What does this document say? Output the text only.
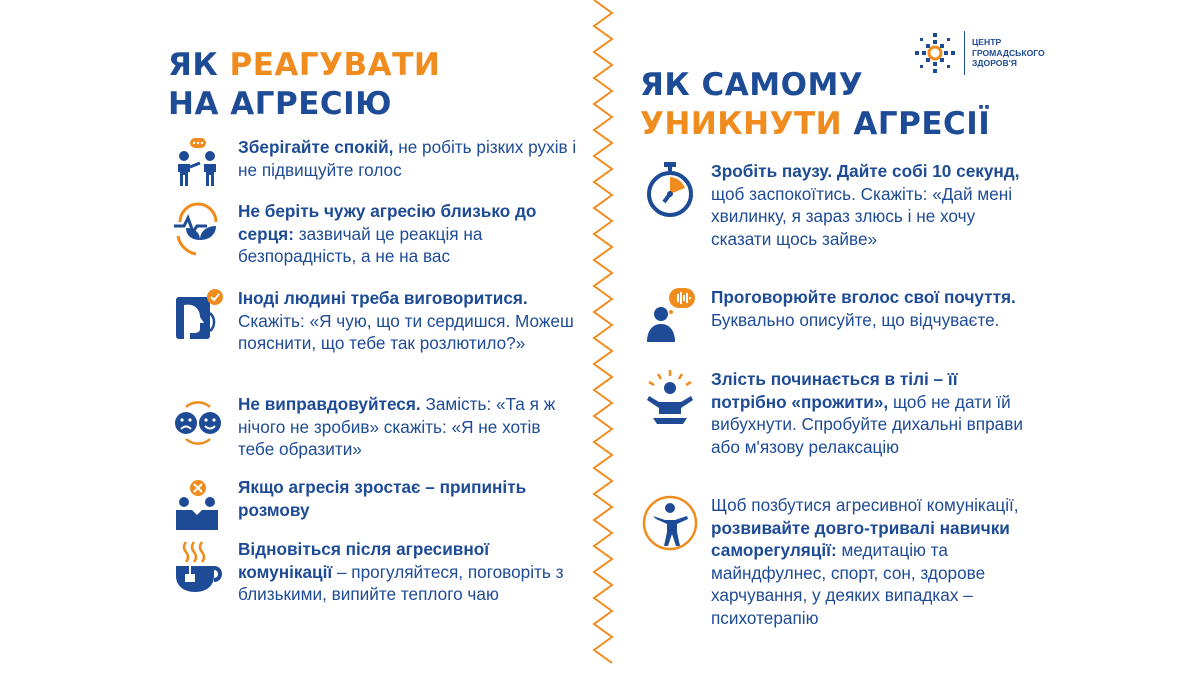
ЦЕНТР
ГРОМАДСЬКОГО
ЗДОРОВ'Я
ЯК РЕАГУВАТИ
НА АГРЕСІЮ
ЯК САМОМУ
УНИКНУТИ АГРЕСІЇ
Зберігайте спокій, не робіть різких рухів і не підвищуйте голос
Не беріть чужу агресію близько до серця: зазвичай це реакція на безпорадність, а не на вас
Іноді людині треба виговоритися. Скажіть: «Я чую, що ти сердишся. Можеш пояснити, що тебе так розлютило?»
Не виправдовуйтеся. Замість: «Та я ж нічого не зробив» скажіть: «Я не хотів тебе образити»
Якщо агресія зростає – припиніть розмову
Відновіться після агресивної комунікації – прогуляйтеся, поговоріть з близькими, випийте теплого чаю
Зробіть паузу. Дайте собі 10 секунд, щоб заспокоїтись. Скажіть: «Дай мені хвилинку, я зараз злюсь і не хочу сказати щось зайве»
Проговорюйте вголос свої почуття. Буквально описуйте, що відчуваєте.
Злість починається в тілі – її потрібно «прожити», щоб не дати їй вибухнути. Спробуйте дихальні вправи або м'язову релаксацію
Щоб позбутися агресивної комунікації, розвивайте довго-тривалі навички саморегуляції: медитацію та майндфулнес, спорт, сон, здорове харчування, у деяких випадках – психотерапію
